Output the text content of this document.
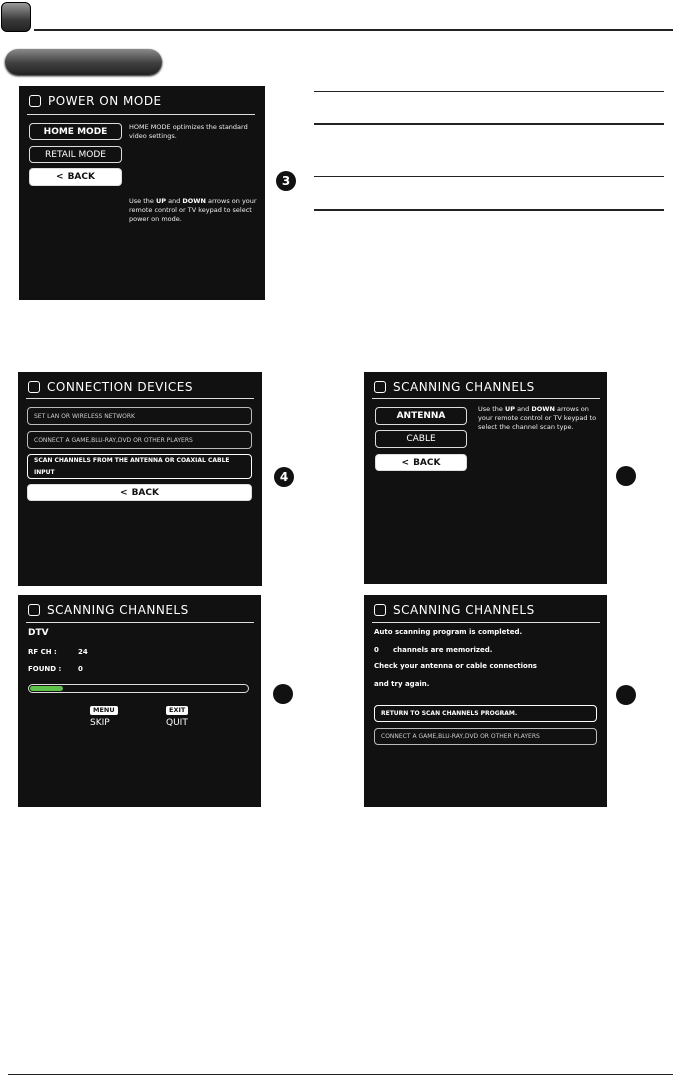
POWER ON MODE
HOME MODE
RETAIL MODE
< BACK
HOME MODE optimizes the standard video settings.
Use the UP and DOWN arrows on your remote control or TV keypad to select power on mode.
3
CONNECTION DEVICES
SET LAN OR WIRELESS NETWORK
CONNECT A GAME,BLU-RAY,DVD OR OTHER PLAYERS
SCAN CHANNELS FROM THE ANTENNA OR COAXIAL CABLE INPUT
< BACK
4
SCANNING CHANNELS
ANTENNA
CABLE
< BACK
Use the UP and DOWN arrows on your remote control or TV keypad to select the channel scan type.
SCANNING CHANNELS
DTV
RF CH :	24
FOUND : 0
MENU
SKIP
EXIT
QUIT
SCANNING CHANNELS
Auto scanning program is completed.
0 channels are memorized.
Check your antenna or cable connections
and try again.
RETURN TO SCAN CHANNELS PROGRAM.
CONNECT A GAME,BLU-RAY,DVD OR OTHER PLAYERS
